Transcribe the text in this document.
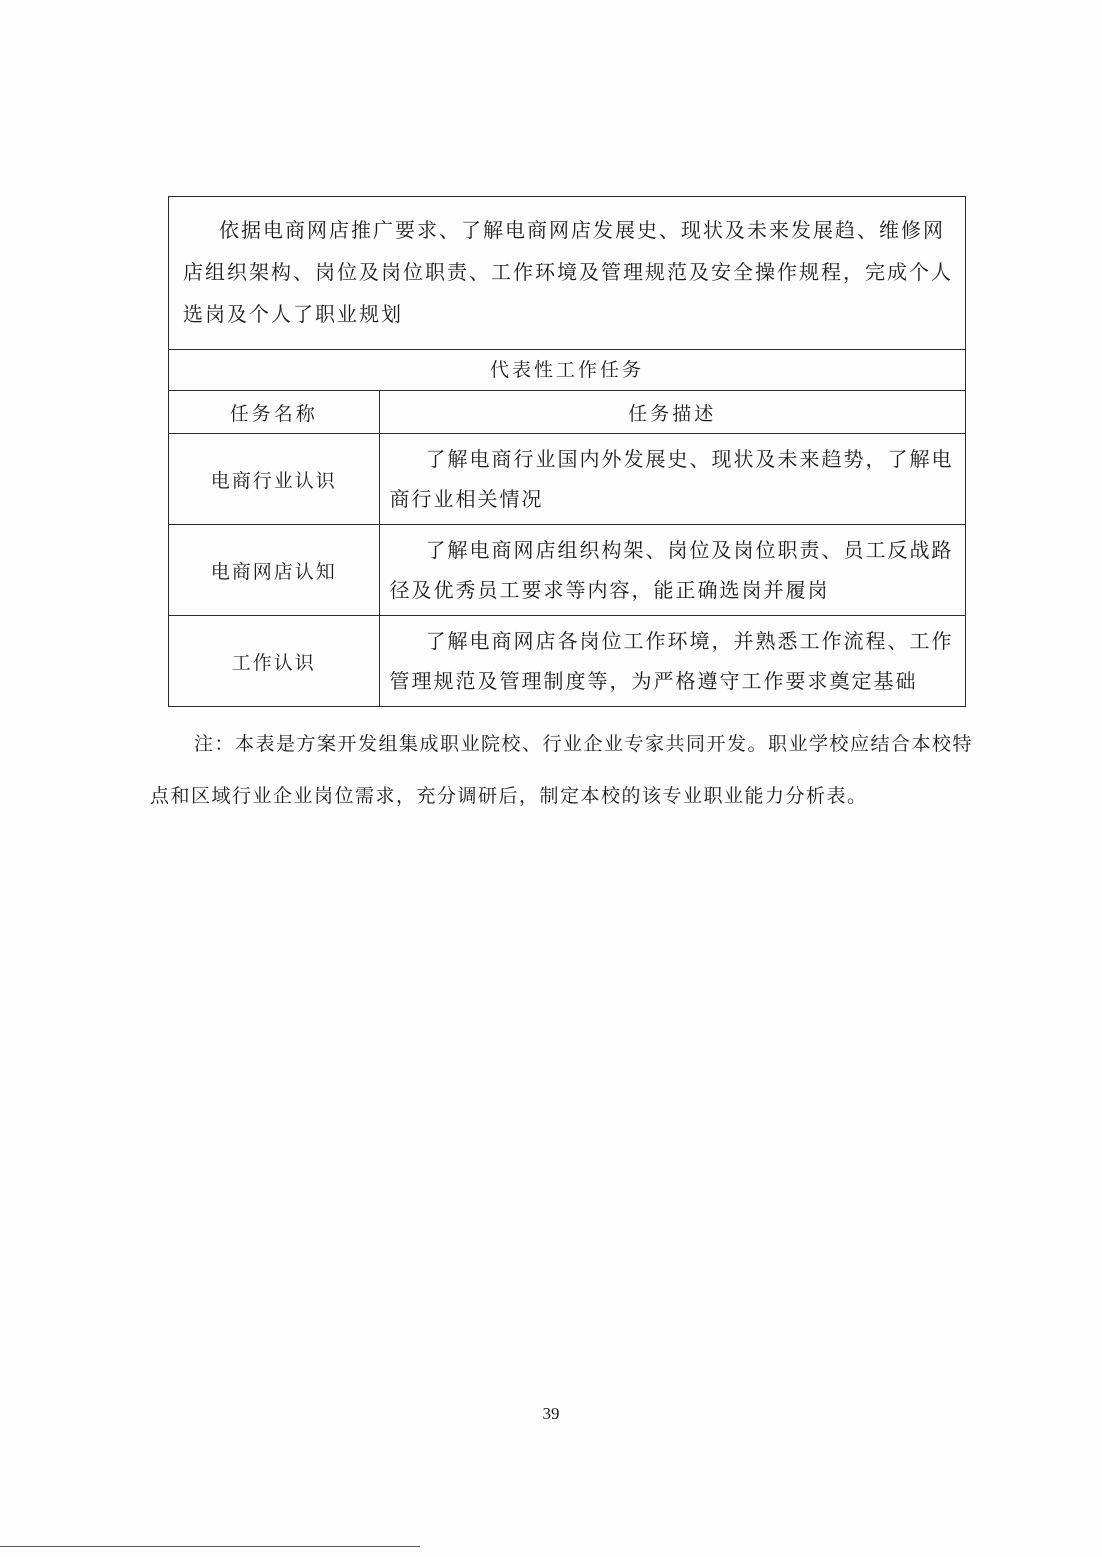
依据电商网店推广要求、了解电商网店发展史、现状及未来发展趋、维修网店组织架构、岗位及岗位职责、工作环境及管理规范及安全操作规程，完成个人选岗及个人了职业规划
代表性工作任务
任务名称	任务描述
电商行业认识	了解电商行业国内外发展史、现状及未来趋势，了解电商行业相关情况
电商网店认知	了解电商网店组织构架、岗位及岗位职责、员工反战路径及优秀员工要求等内容，能正确选岗并履岗
工作认识	了解电商网店各岗位工作环境，并熟悉工作流程、工作管理规范及管理制度等，为严格遵守工作要求奠定基础
注：本表是方案开发组集成职业院校、行业企业专家共同开发。职业学校应结合本校特点和区域行业企业岗位需求，充分调研后，制定本校的该专业职业能力分析表。
39
